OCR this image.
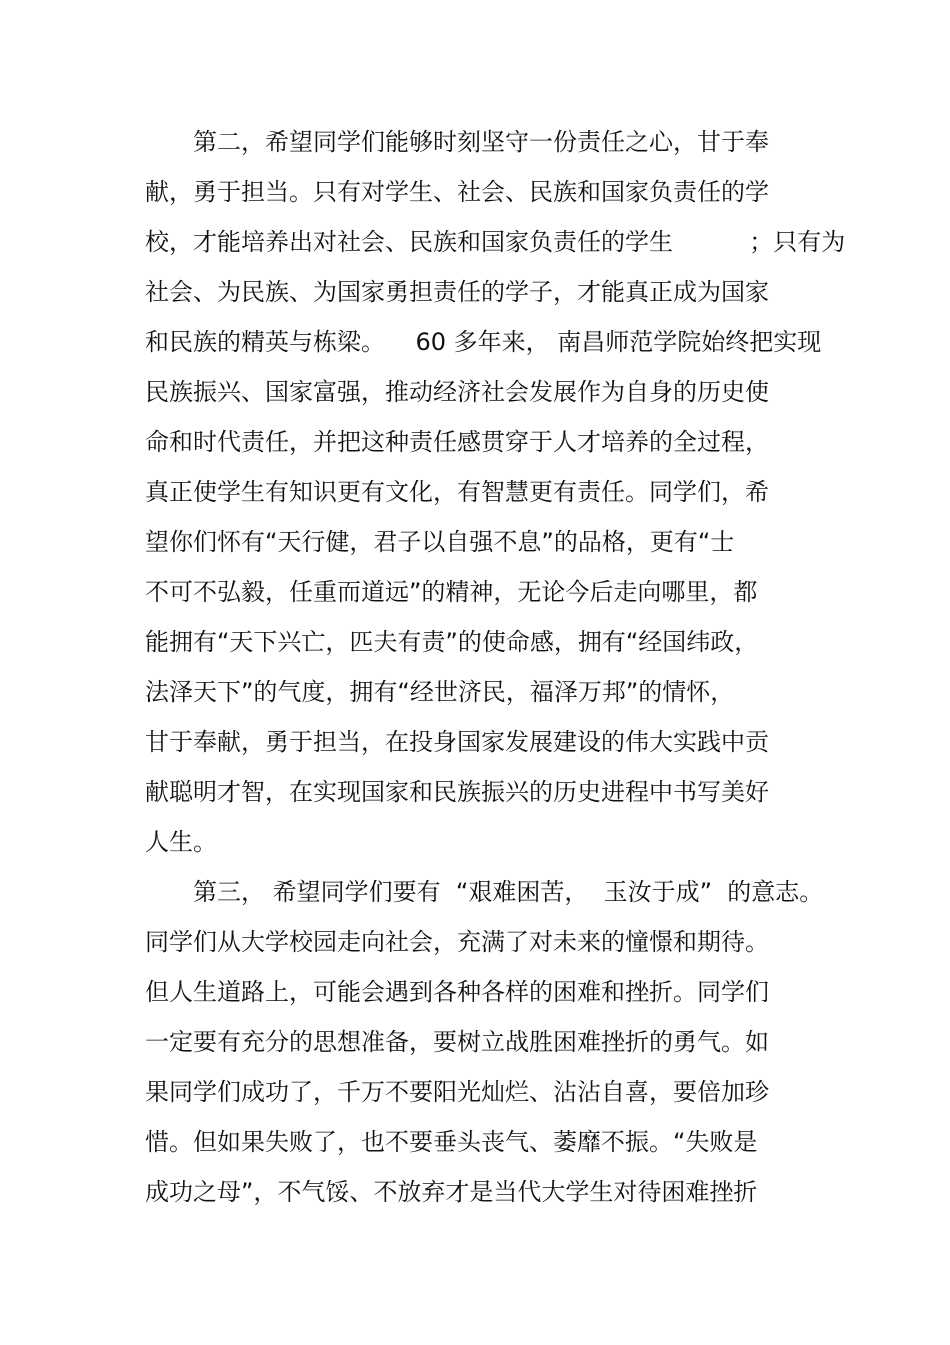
第二，希望同学们能够时刻坚守一份责任之心，甘于奉
献，勇于担当。只有对学生、社会、民族和国家负责任的学
校，才能培养出对社会、民族和国家负责任的学生          ；只有为
社会、为民族、为国家勇担责任的学子，才能真正成为国家
和民族的精英与栋梁。    60 多年来， 南昌师范学院始终把实现
民族振兴、国家富强，推动经济社会发展作为自身的历史使
命和时代责任，并把这种责任感贯穿于人才培养的全过程，
真正使学生有知识更有文化，有智慧更有责任。同学们，希
望你们怀有“天行健，君子以自强不息”的品格，更有“士
不可不弘毅，任重而道远”的精神，无论今后走向哪里，都
能拥有“天下兴亡，匹夫有责”的使命感，拥有“经国纬政，
法泽天下”的气度，拥有“经世济民，福泽万邦”的情怀，
甘于奉献，勇于担当，在投身国家发展建设的伟大实践中贡
献聪明才智，在实现国家和民族振兴的历史进程中书写美好
人生。
第三， 希望同学们要有  “艰难困苦，  玉汝于成”  的意志。
同学们从大学校园走向社会，充满了对未来的憧憬和期待。
但人生道路上，可能会遇到各种各样的困难和挫折。同学们
一定要有充分的思想准备，要树立战胜困难挫折的勇气。如
果同学们成功了，千万不要阳光灿烂、沾沾自喜，要倍加珍
惜。但如果失败了，也不要垂头丧气、萎靡不振。“失败是
成功之母”，不气馁、不放弃才是当代大学生对待困难挫折
